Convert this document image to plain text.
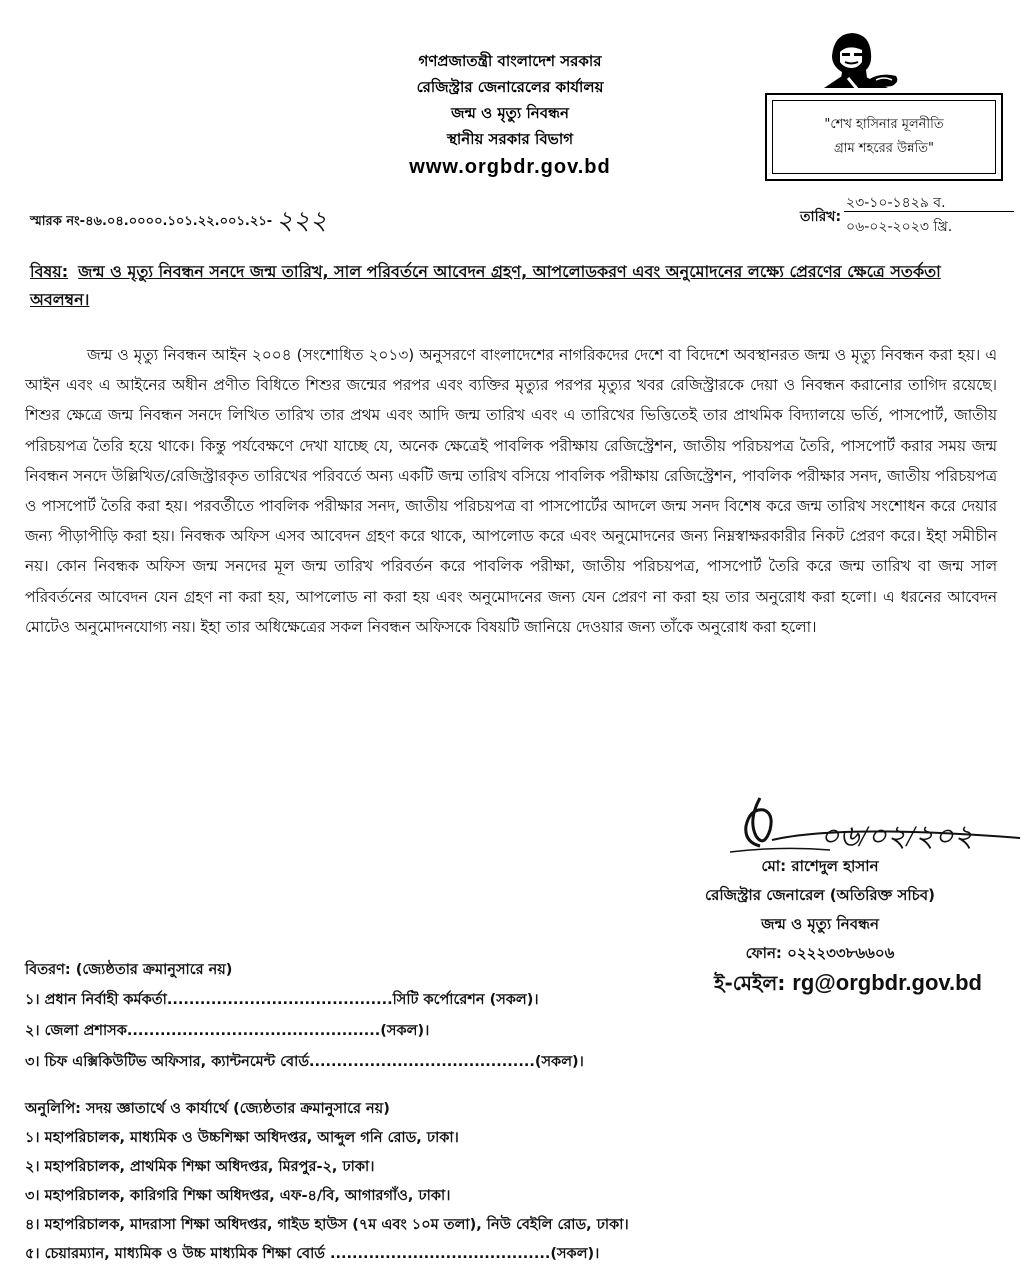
গণপ্রজাতন্ত্রী বাংলাদেশ সরকার
রেজিস্ট্রার জেনারেলের কার্যালয়
জন্ম ও মৃত্যু নিবন্ধন
স্থানীয় সরকার বিভাগ
www.orgbdr.gov.bd
"শেখ হাসিনার মূলনীতি
গ্রাম শহরের উন্নতি"
স্মারক নং-৪৬.০৪.০০০০.১০১.২২.০০১.২১- ২২২	তারিখ:
২৩-১০-১৪২৯ ব.
০৬-০২-২০২৩ খ্রি.
বিষয়: জন্ম ও মৃত্যু নিবন্ধন সনদে জন্ম তারিখ, সাল পরিবর্তনে আবেদন গ্রহণ, আপলোডকরণ এবং অনুমোদনের লক্ষ্যে প্রেরণের ক্ষেত্রে সতর্কতা অবলম্বন।

জন্ম ও মৃত্যু নিবন্ধন আইন ২০০৪ (সংশোধিত ২০১৩) অনুসরণে বাংলাদেশের নাগরিকদের দেশে বা বিদেশে অবস্থানরত জন্ম ও মৃত্যু নিবন্ধন করা হয়। এ আইন এবং এ আইনের অধীন প্রণীত বিধিতে শিশুর জন্মের পরপর এবং ব্যক্তির মৃত্যুর পরপর মৃত্যুর খবর রেজিস্ট্রারকে দেয়া ও নিবন্ধন করানোর তাগিদ রয়েছে। শিশুর ক্ষেত্রে জন্ম নিবন্ধন সনদে লিখিত তারিখ তার প্রথম এবং আদি জন্ম তারিখ এবং এ তারিখের ভিত্তিতেই তার প্রাথমিক বিদ্যালয়ে ভর্তি, পাসপোর্ট, জাতীয় পরিচয়পত্র তৈরি হয়ে থাকে। কিন্তু পর্যবেক্ষণে দেখা যাচ্ছে যে, অনেক ক্ষেত্রেই পাবলিক পরীক্ষায় রেজিস্ট্রেশন, জাতীয় পরিচয়পত্র তৈরি, পাসপোর্ট করার সময় জন্ম নিবন্ধন সনদে উল্লিখিত/রেজিস্ট্রারকৃত তারিখের পরিবর্তে অন্য একটি জন্ম তারিখ বসিয়ে পাবলিক পরীক্ষায় রেজিস্ট্রেশন, পাবলিক পরীক্ষার সনদ, জাতীয় পরিচয়পত্র ও পাসপোর্ট তৈরি করা হয়। পরবর্তীতে পাবলিক পরীক্ষার সনদ, জাতীয় পরিচয়পত্র বা পাসপোর্টের আদলে জন্ম সনদ বিশেষ করে জন্ম তারিখ সংশোধন করে দেয়ার জন্য পীড়াপীড়ি করা হয়। নিবন্ধক অফিস এসব আবেদন গ্রহণ করে থাকে, আপলোড করে এবং অনুমোদনের জন্য নিম্নস্বাক্ষরকারীর নিকট প্রেরণ করে। ইহা সমীচীন নয়। কোন নিবন্ধক অফিস জন্ম সনদের মূল জন্ম তারিখ পরিবর্তন করে পাবলিক পরীক্ষা, জাতীয় পরিচয়পত্র, পাসপোর্ট তৈরি করে জন্ম তারিখ বা জন্ম সাল পরিবর্তনের আবেদন যেন গ্রহণ না করা হয়, আপলোড না করা হয় এবং অনুমোদনের জন্য যেন প্রেরণ না করা হয় তার অনুরোধ করা হলো। এ ধরনের আবেদন মোটেও অনুমোদনযোগ্য নয়। ইহা তার অধিক্ষেত্রের সকল নিবন্ধন অফিসকে বিষয়টি জানিয়ে দেওয়ার জন্য তাঁকে অনুরোধ করা হলো।

০৬/০২/২০২
মো: রাশেদুল হাসান
রেজিস্ট্রার জেনারেল (অতিরিক্ত সচিব)
জন্ম ও মৃত্যু নিবন্ধন
ফোন: ০২২২৩৩৮৬৬০৬
ই-মেইল: rg@orgbdr.gov.bd
বিতরণ: (জ্যেষ্ঠতার ক্রমানুসারে নয়)
১। প্রধান নির্বাহী কর্মকর্তা.........................................সিটি কর্পোরেশন (সকল)।
২। জেলা প্রশাসক..............................................(সকল)।
৩। চিফ এক্সিকিউটিভ অফিসার, ক্যান্টনমেন্ট বোর্ড.........................................(সকল)।
অনুলিপি: সদয় জ্ঞাতার্থে ও কার্যার্থে (জ্যেষ্ঠতার ক্রমানুসারে নয়)
১। মহাপরিচালক, মাধ্যমিক ও উচ্চশিক্ষা অধিদপ্তর, আব্দুল গনি রোড, ঢাকা।
২। মহাপরিচালক, প্রাথমিক শিক্ষা অধিদপ্তর, মিরপুর-২, ঢাকা।
৩। মহাপরিচালক, কারিগরি শিক্ষা অধিদপ্তর, এফ-৪/বি, আগারগাঁও, ঢাকা।
৪। মহাপরিচালক, মাদরাসা শিক্ষা অধিদপ্তর, গাইড হাউস (৭ম এবং ১০ম তলা), নিউ বেইলি রোড, ঢাকা।
৫। চেয়ারম্যান, মাধ্যমিক ও উচ্চ মাধ্যমিক শিক্ষা বোর্ড ........................................(সকল)।
